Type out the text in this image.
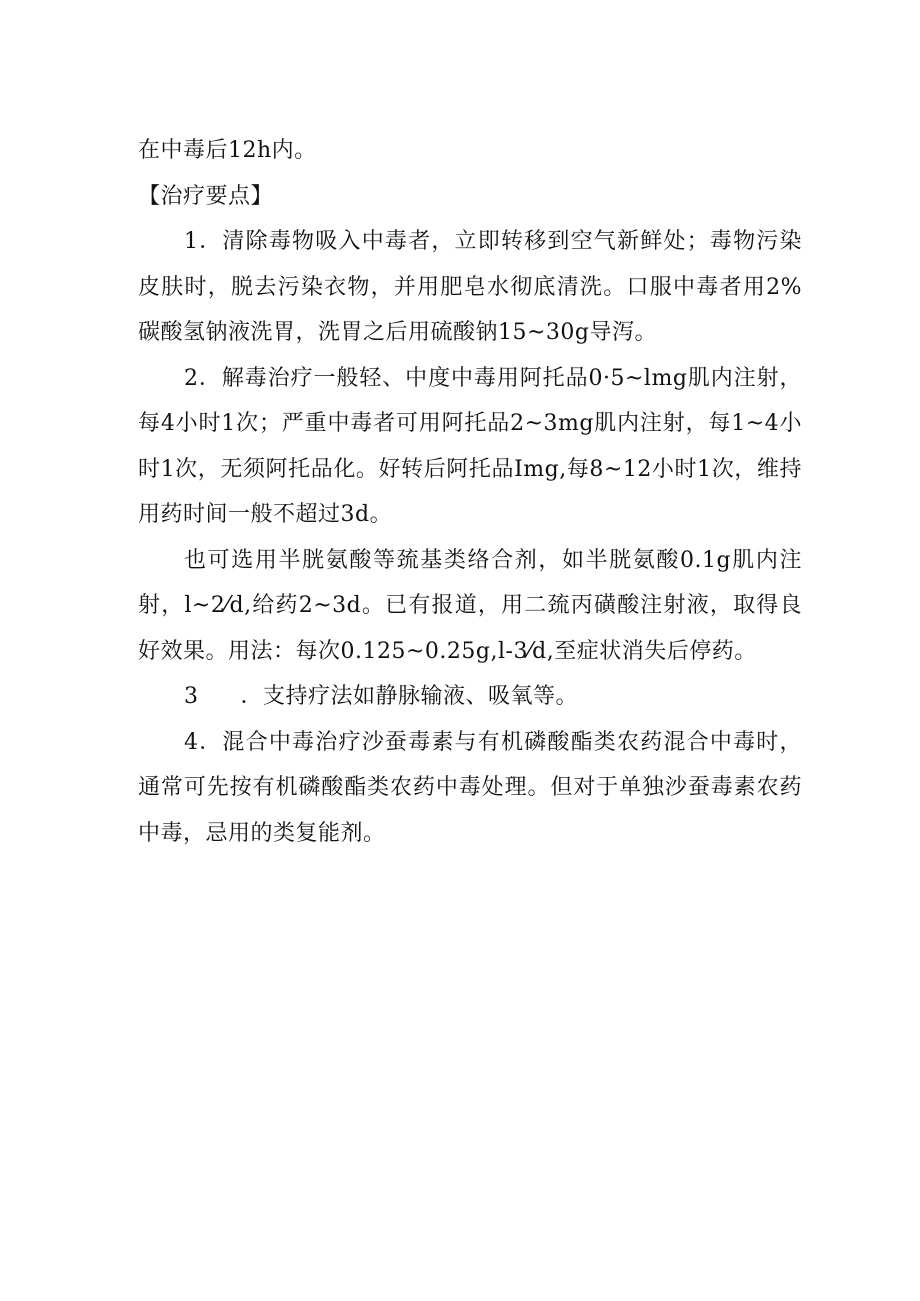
在中毒后12h内。

【治疗要点】

1．清除毒物吸入中毒者，立即转移到空气新鲜处；毒物污染皮肤时，脱去污染衣物，并用肥皂水彻底清洗。口服中毒者用2%碳酸氢钠液洗胃，洗胃之后用硫酸钠15~30g导泻。

2．解毒治疗一般轻、中度中毒用阿托品0·5~lmg肌内注射，每4小时1次；严重中毒者可用阿托品2~3mg肌内注射，每1~4小时1次，无须阿托品化。好转后阿托品Img,每8~12小时1次，维持用药时间一般不超过3d。

也可选用半胱氨酸等巯基类络合剂，如半胱氨酸0.1g肌内注射，l~2⁄d,给药2~3d。已有报道，用二巯丙磺酸注射液，取得良好效果。用法：每次0.125~0.25g,l-3⁄d,至症状消失后停药。

3 ．支持疗法如静脉输液、吸氧等。

4．混合中毒治疗沙蚕毒素与有机磷酸酯类农药混合中毒时，通常可先按有机磷酸酯类农药中毒处理。但对于单独沙蚕毒素农药中毒，忌用的类复能剂。
